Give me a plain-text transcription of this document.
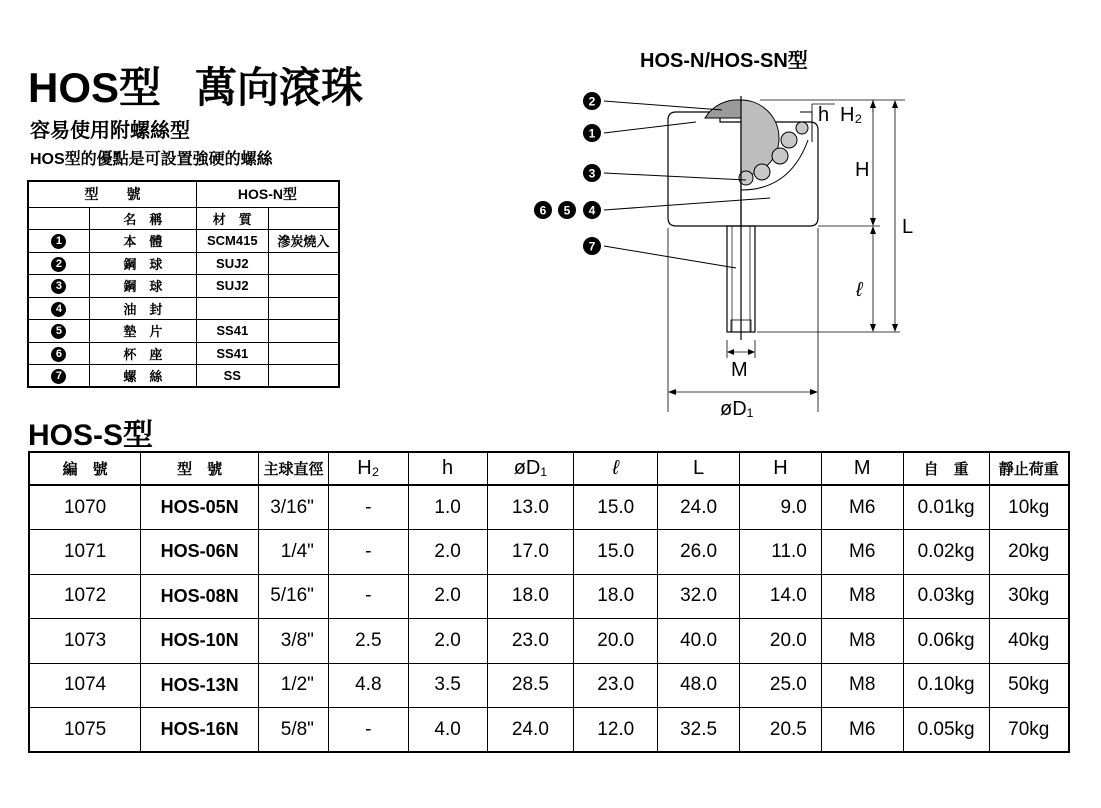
HOS型 萬向滾珠
容易使用附螺絲型
HOS型的優點是可設置強硬的螺絲
型　　號		HOS-N型	
	名　稱	材　質	
1	本　體	SCM415	滲炭燒入
2	鋼　球	SUJ2	
3	鋼　球	SUJ2	
4	油　封		
5	墊　片	SS41	
6	杯　座	SS41	
7	螺　絲	SS	
HOS-N/HOS-SN型
2
1
3
6 5 4
7
h H₂
H
L
ℓ
M
øD₁
HOS-S型
編　號	型　號	主球直徑	H₂	h	øD₁	ℓ	L	H	M	自　重	靜止荷重
1070	HOS-05N	3/16"	-	1.0	13.0	15.0	24.0	9.0	M6	0.01kg	10kg
1071	HOS-06N	1/4"	-	2.0	17.0	15.0	26.0	11.0	M6	0.02kg	20kg
1072	HOS-08N	5/16"	-	2.0	18.0	18.0	32.0	14.0	M8	0.03kg	30kg
1073	HOS-10N	3/8"	2.5	2.0	23.0	20.0	40.0	20.0	M8	0.06kg	40kg
1074	HOS-13N	1/2"	4.8	3.5	28.5	23.0	48.0	25.0	M8	0.10kg	50kg
1075	HOS-16N	5/8"	-	4.0	24.0	12.0	32.5	20.5	M6	0.05kg	70kg
